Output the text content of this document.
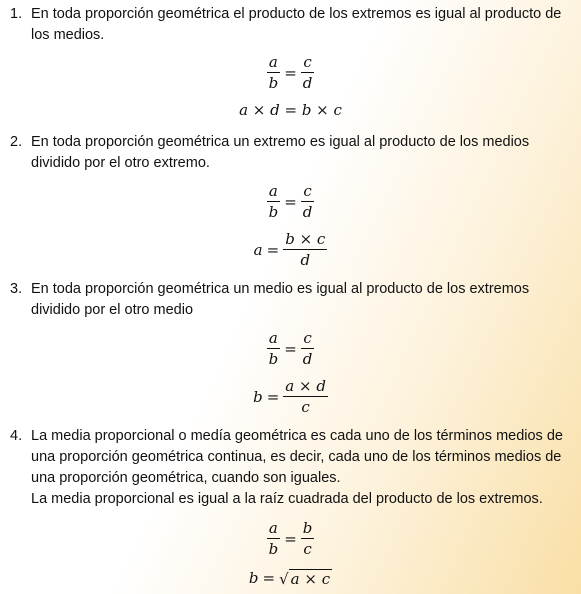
1. En toda proporción geométrica el producto de los extremos es igual al producto de
los medios.
$\frac{a}{b} = \frac{c}{d}$
a × d = b × c
2. En toda proporción geométrica un extremo es igual al producto de los medios
dividido por el otro extremo.
$\frac{a}{b} = \frac{c}{d}$
$a = \frac{b \times c}{d}$
3. En toda proporción geométrica un medio es igual al producto de los extremos
dividido por el otro medio
$\frac{a}{b} = \frac{c}{d}$
$b = \frac{a \times d}{c}$
4. La media proporcional o medía geométrica es cada uno de los términos medios de
una proporción geométrica continua, es decir, cada uno de los términos medios de
una proporción geométrica, cuando son iguales.
La media proporcional es igual a la raíz cuadrada del producto de los extremos.
$\frac{a}{b} = \frac{b}{c}$
b = √ a × c
